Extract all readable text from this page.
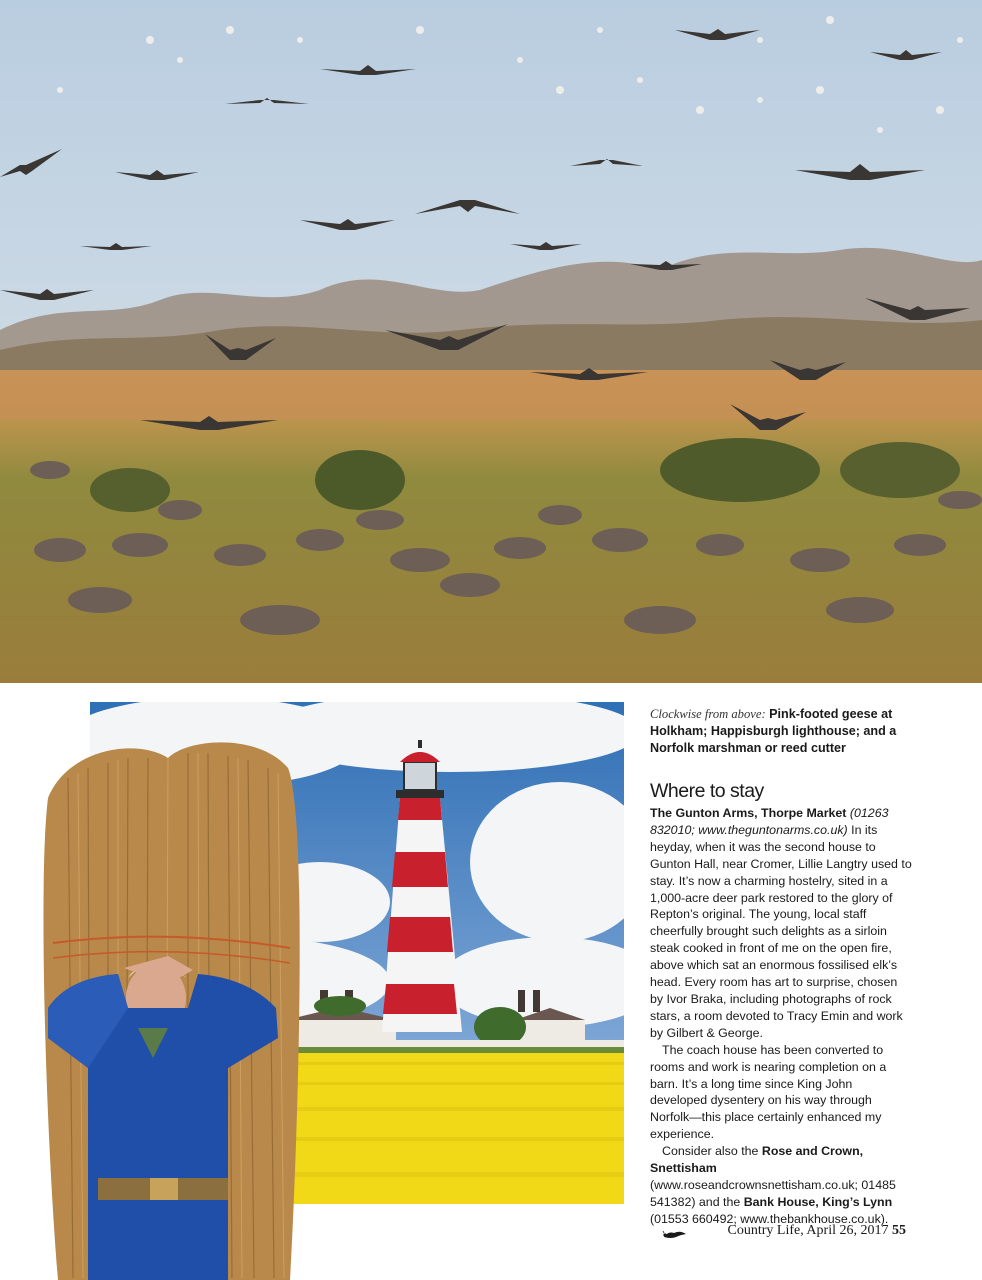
Clockwise from above: Pink-footed geese at Holkham; Happisburgh lighthouse; and a Norfolk marshman or reed cutter

Where to stay

The Gunton Arms, Thorpe Market (01263 832010; www.theguntonarms.co.uk) In its heyday, when it was the second house to Gunton Hall, near Cromer, Lillie Langtry used to stay. It’s now a charming hostelry, sited in a 1,000-acre deer park restored to the glory of Repton’s original. The young, local staff cheerfully brought such delights as a sirloin steak cooked in front of me on the open fire, above which sat an enormous fossilised elk’s head. Every room has art to surprise, chosen by Ivor Braka, including photographs of rock stars, a room devoted to Tracy Emin and work by Gilbert & George.

The coach house has been converted to rooms and work is nearing completion on a barn. It’s a long time since King John developed dysentery on his way through Norfolk—this place certainly enhanced my experience.

Consider also the Rose and Crown, Snettisham (www.roseandcrownsnettisham.co.uk; 01485 541382) and the Bank House, King’s Lynn (01553 660492; www.thebankhouse.co.uk).

Country Life, April 26, 2017 55
